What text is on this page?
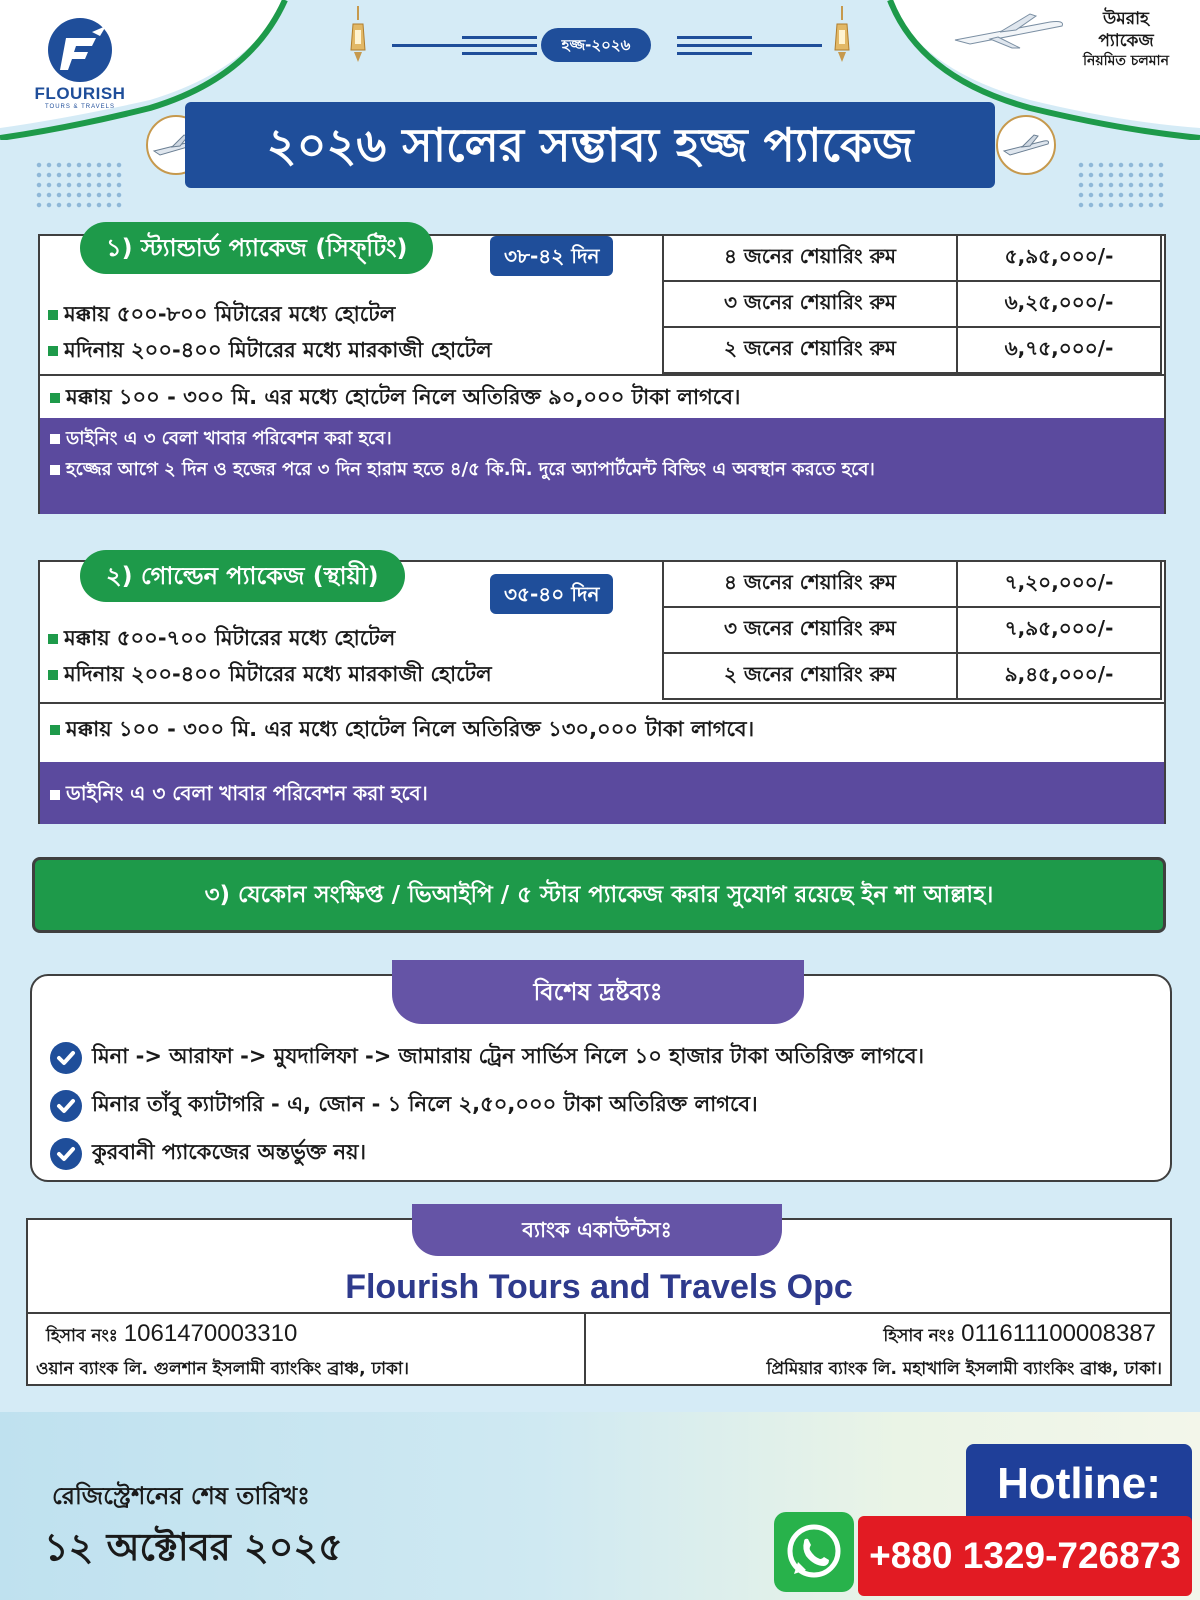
FLOURISH
TOURS & TRAVELS
উমরাহ
প্যাকেজ
নিয়মিত চলমান
হজ্জ-২০২৬
২০২৬ সালের সম্ভাব্য হজ্জ প্যাকেজ
মক্কায় ৫০০-৮০০ মিটারের মধ্যে হোটেল
মদিনায় ২০০-৪০০ মিটারের মধ্যে মারকাজী হোটেল
৪ জনের শেয়ারিং রুম	৫,৯৫,০০০/-
৩ জনের শেয়ারিং রুম	৬,২৫,০০০/-
২ জনের শেয়ারিং রুম	৬,৭৫,০০০/-
মক্কায় ১০০ - ৩০০ মি. এর মধ্যে হোটেল নিলে অতিরিক্ত ৯০,০০০ টাকা লাগবে।
ডাইনিং এ ৩ বেলা খাবার পরিবেশন করা হবে।
হজ্জের আগে ২ দিন ও হজের পরে ৩ দিন হারাম হতে ৪/৫ কি.মি. দুরে অ্যাপার্টমেন্ট বিল্ডিং এ অবস্থান করতে হবে।
১) স্ট্যান্ডার্ড প্যাকেজ (সিফ্‌টিং)	৩৮-৪২ দিন
মক্কায় ৫০০-৭০০ মিটারের মধ্যে হোটেল
মদিনায় ২০০-৪০০ মিটারের মধ্যে মারকাজী হোটেল
৪ জনের শেয়ারিং রুম	৭,২০,০০০/-
৩ জনের শেয়ারিং রুম	৭,৯৫,০০০/-
২ জনের শেয়ারিং রুম	৯,৪৫,০০০/-
মক্কায় ১০০ - ৩০০ মি. এর মধ্যে হোটেল নিলে অতিরিক্ত ১৩০,০০০ টাকা লাগবে।
ডাইনিং এ ৩ বেলা খাবার পরিবেশন করা হবে।
২) গোল্ডেন প্যাকেজ (স্থায়ী)
৩৫-৪০ দিন
৩) যেকোন সংক্ষিপ্ত / ভিআইপি / ৫ স্টার প্যাকেজ করার সুযোগ রয়েছে ইন শা আল্লাহ।
মিনা -> আরাফা -> মুযদালিফা -> জামারায় ট্রেন সার্ভিস নিলে ১০ হাজার টাকা অতিরিক্ত লাগবে।
মিনার তাঁবু ক্যাটাগরি - এ, জোন - ১ নিলে ২,৫০,০০০ টাকা অতিরিক্ত লাগবে।
কুরবানী প্যাকেজের অন্তর্ভুক্ত নয়।
বিশেষ দ্রষ্টব্যঃ
Flourish Tours and Travels Opc
হিসাব নংঃ 1061470003310
ওয়ান ব্যাংক লি. গুলশান ইসলামী ব্যাংকিং ব্রাঞ্চ, ঢাকা।
হিসাব নংঃ 011611100008387
প্রিমিয়ার ব্যাংক লি. মহাখালি ইসলামী ব্যাংকিং ব্রাঞ্চ, ঢাকা।
ব্যাংক একাউন্টসঃ
রেজিস্ট্রেশনের শেষ তারিখঃ
১২ অক্টোবর ২০২৫
Hotline:
+880 1329-726873
